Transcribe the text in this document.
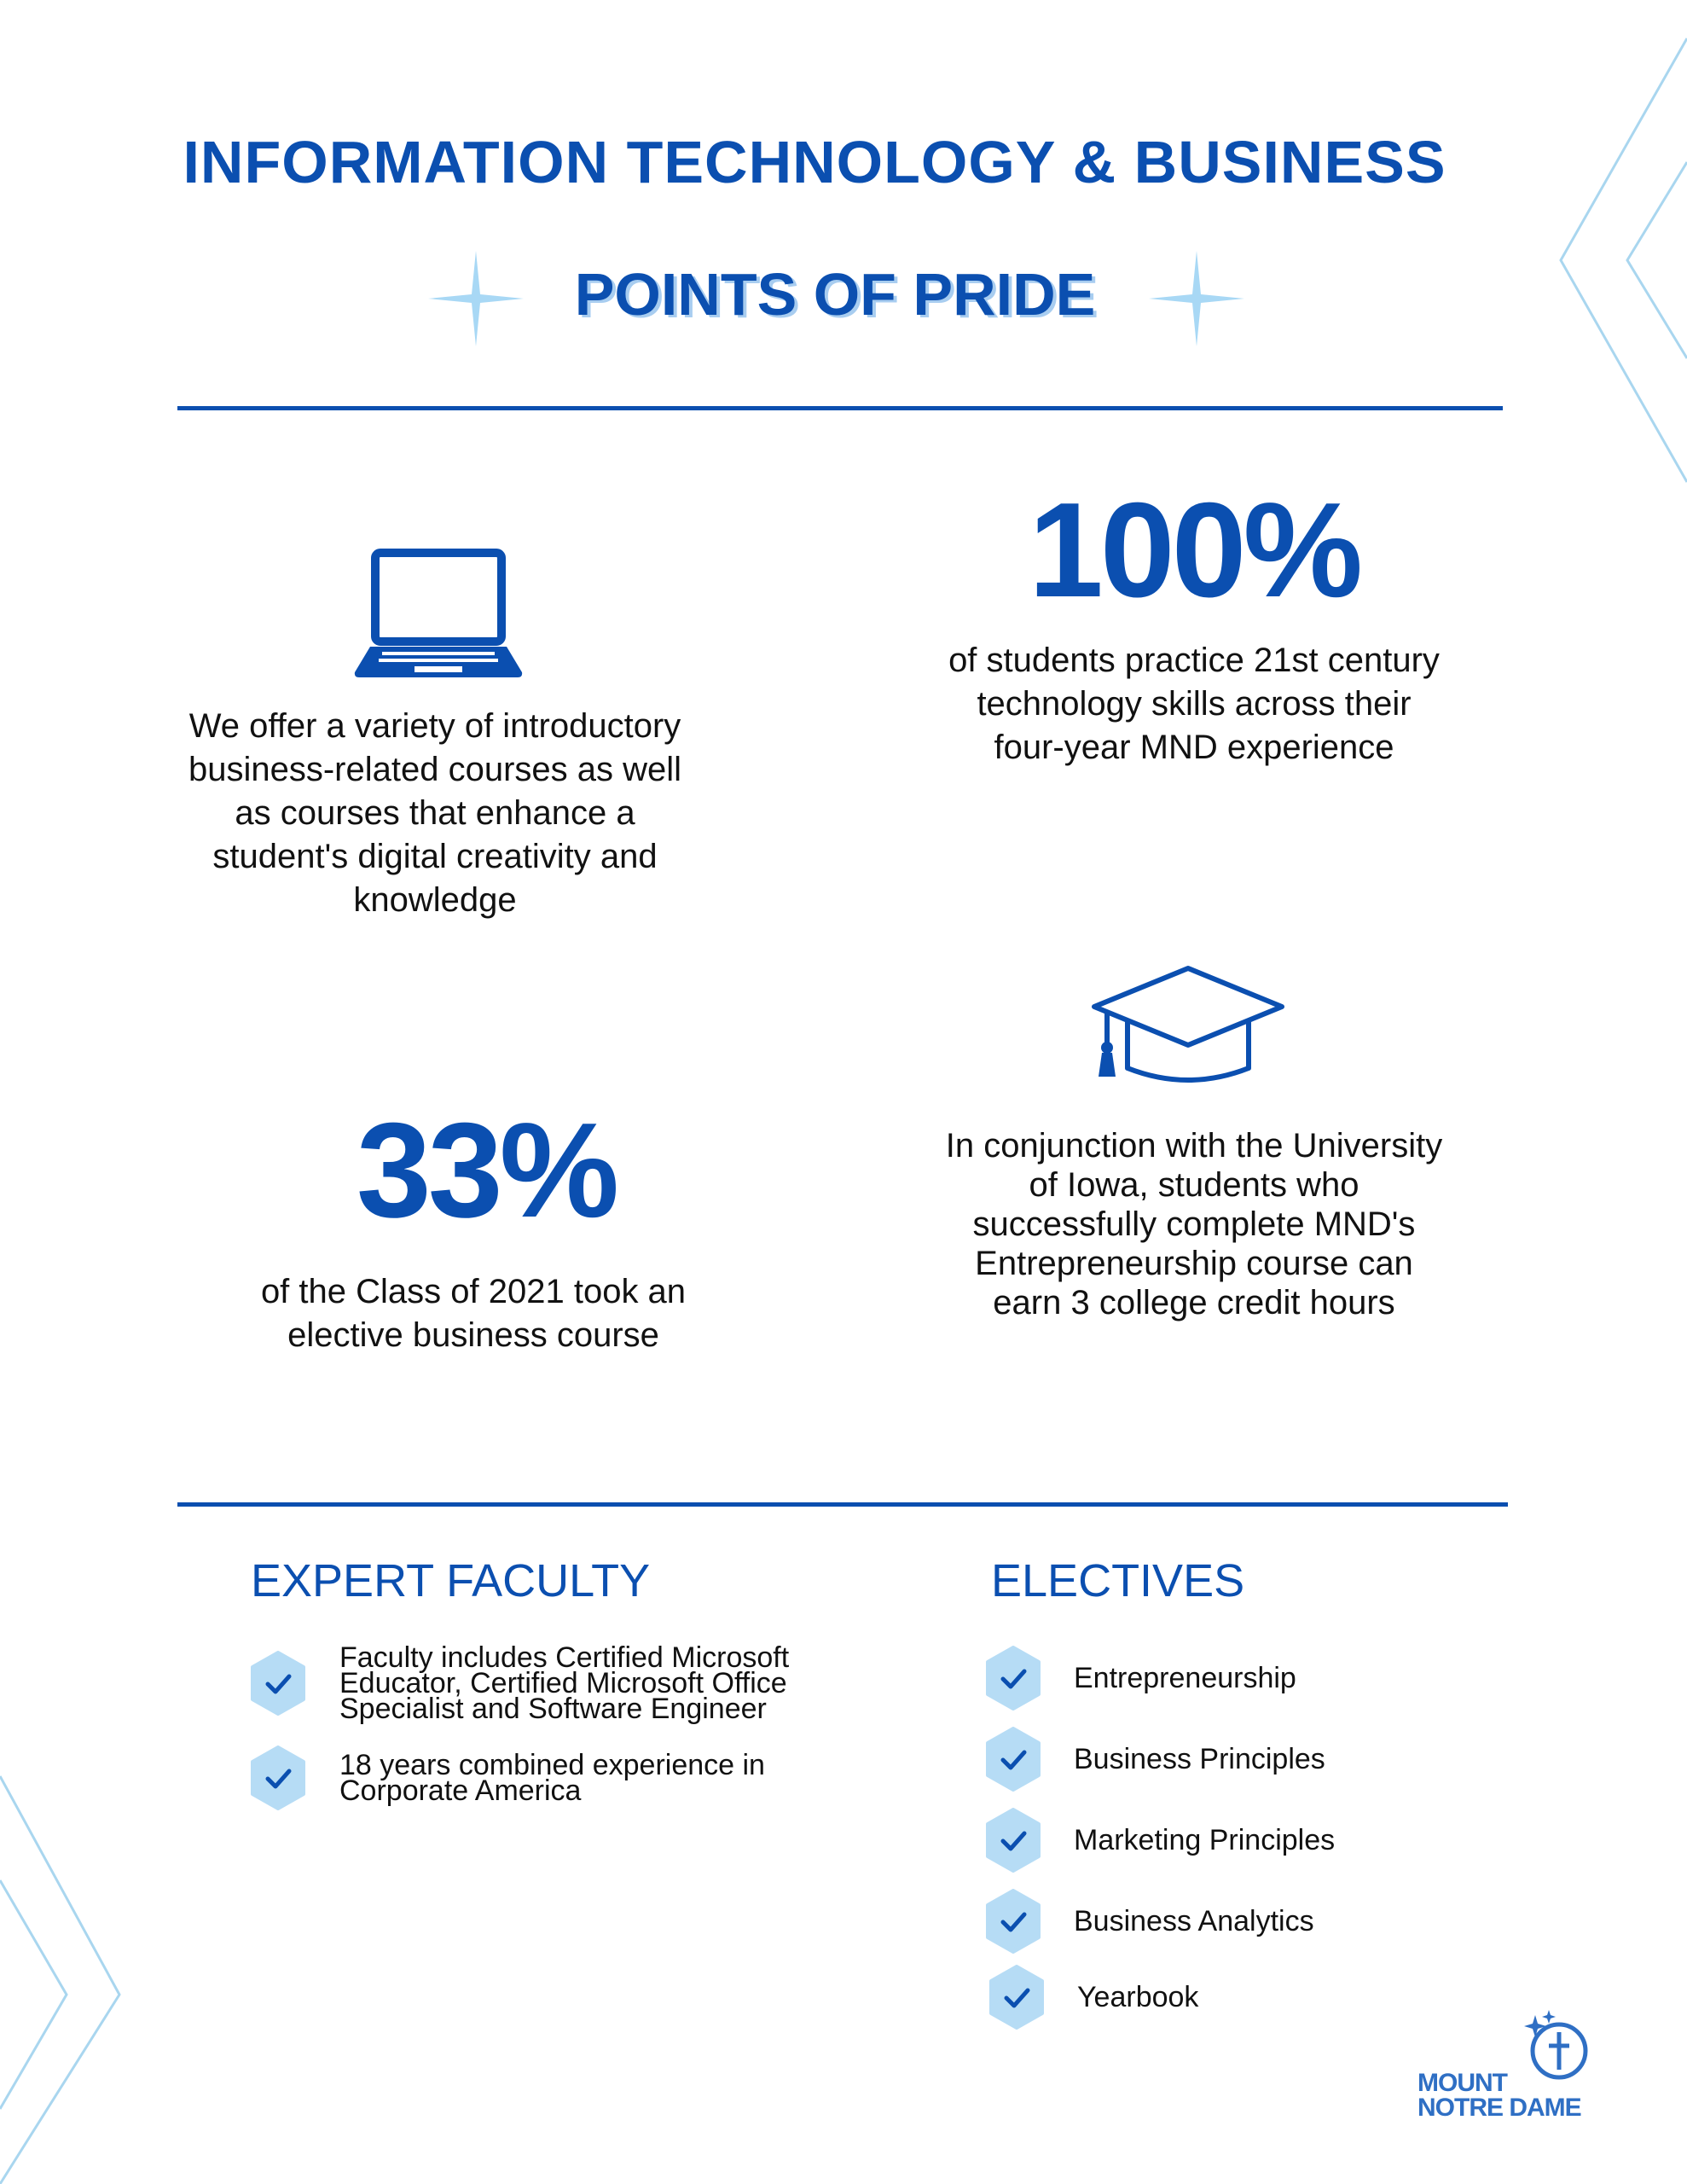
INFORMATION TECHNOLOGY & BUSINESS
POINTS OF PRIDE
We offer a variety of introductory business-related courses as well as courses that enhance a student's digital creativity and knowledge
100%
of students practice 21st century technology skills across their four-year MND experience
33%
of the Class of 2021 took an elective business course
In conjunction with the University of Iowa, students who successfully complete MND's Entrepreneurship course can earn 3 college credit hours
EXPERT FACULTY
Faculty includes Certified Microsoft Educator, Certified Microsoft Office Specialist and Software Engineer
18 years combined experience in Corporate America
ELECTIVES
Entrepreneurship
Business Principles
Marketing Principles
Business Analytics
Yearbook
MOUNT
NOTRE DAME
